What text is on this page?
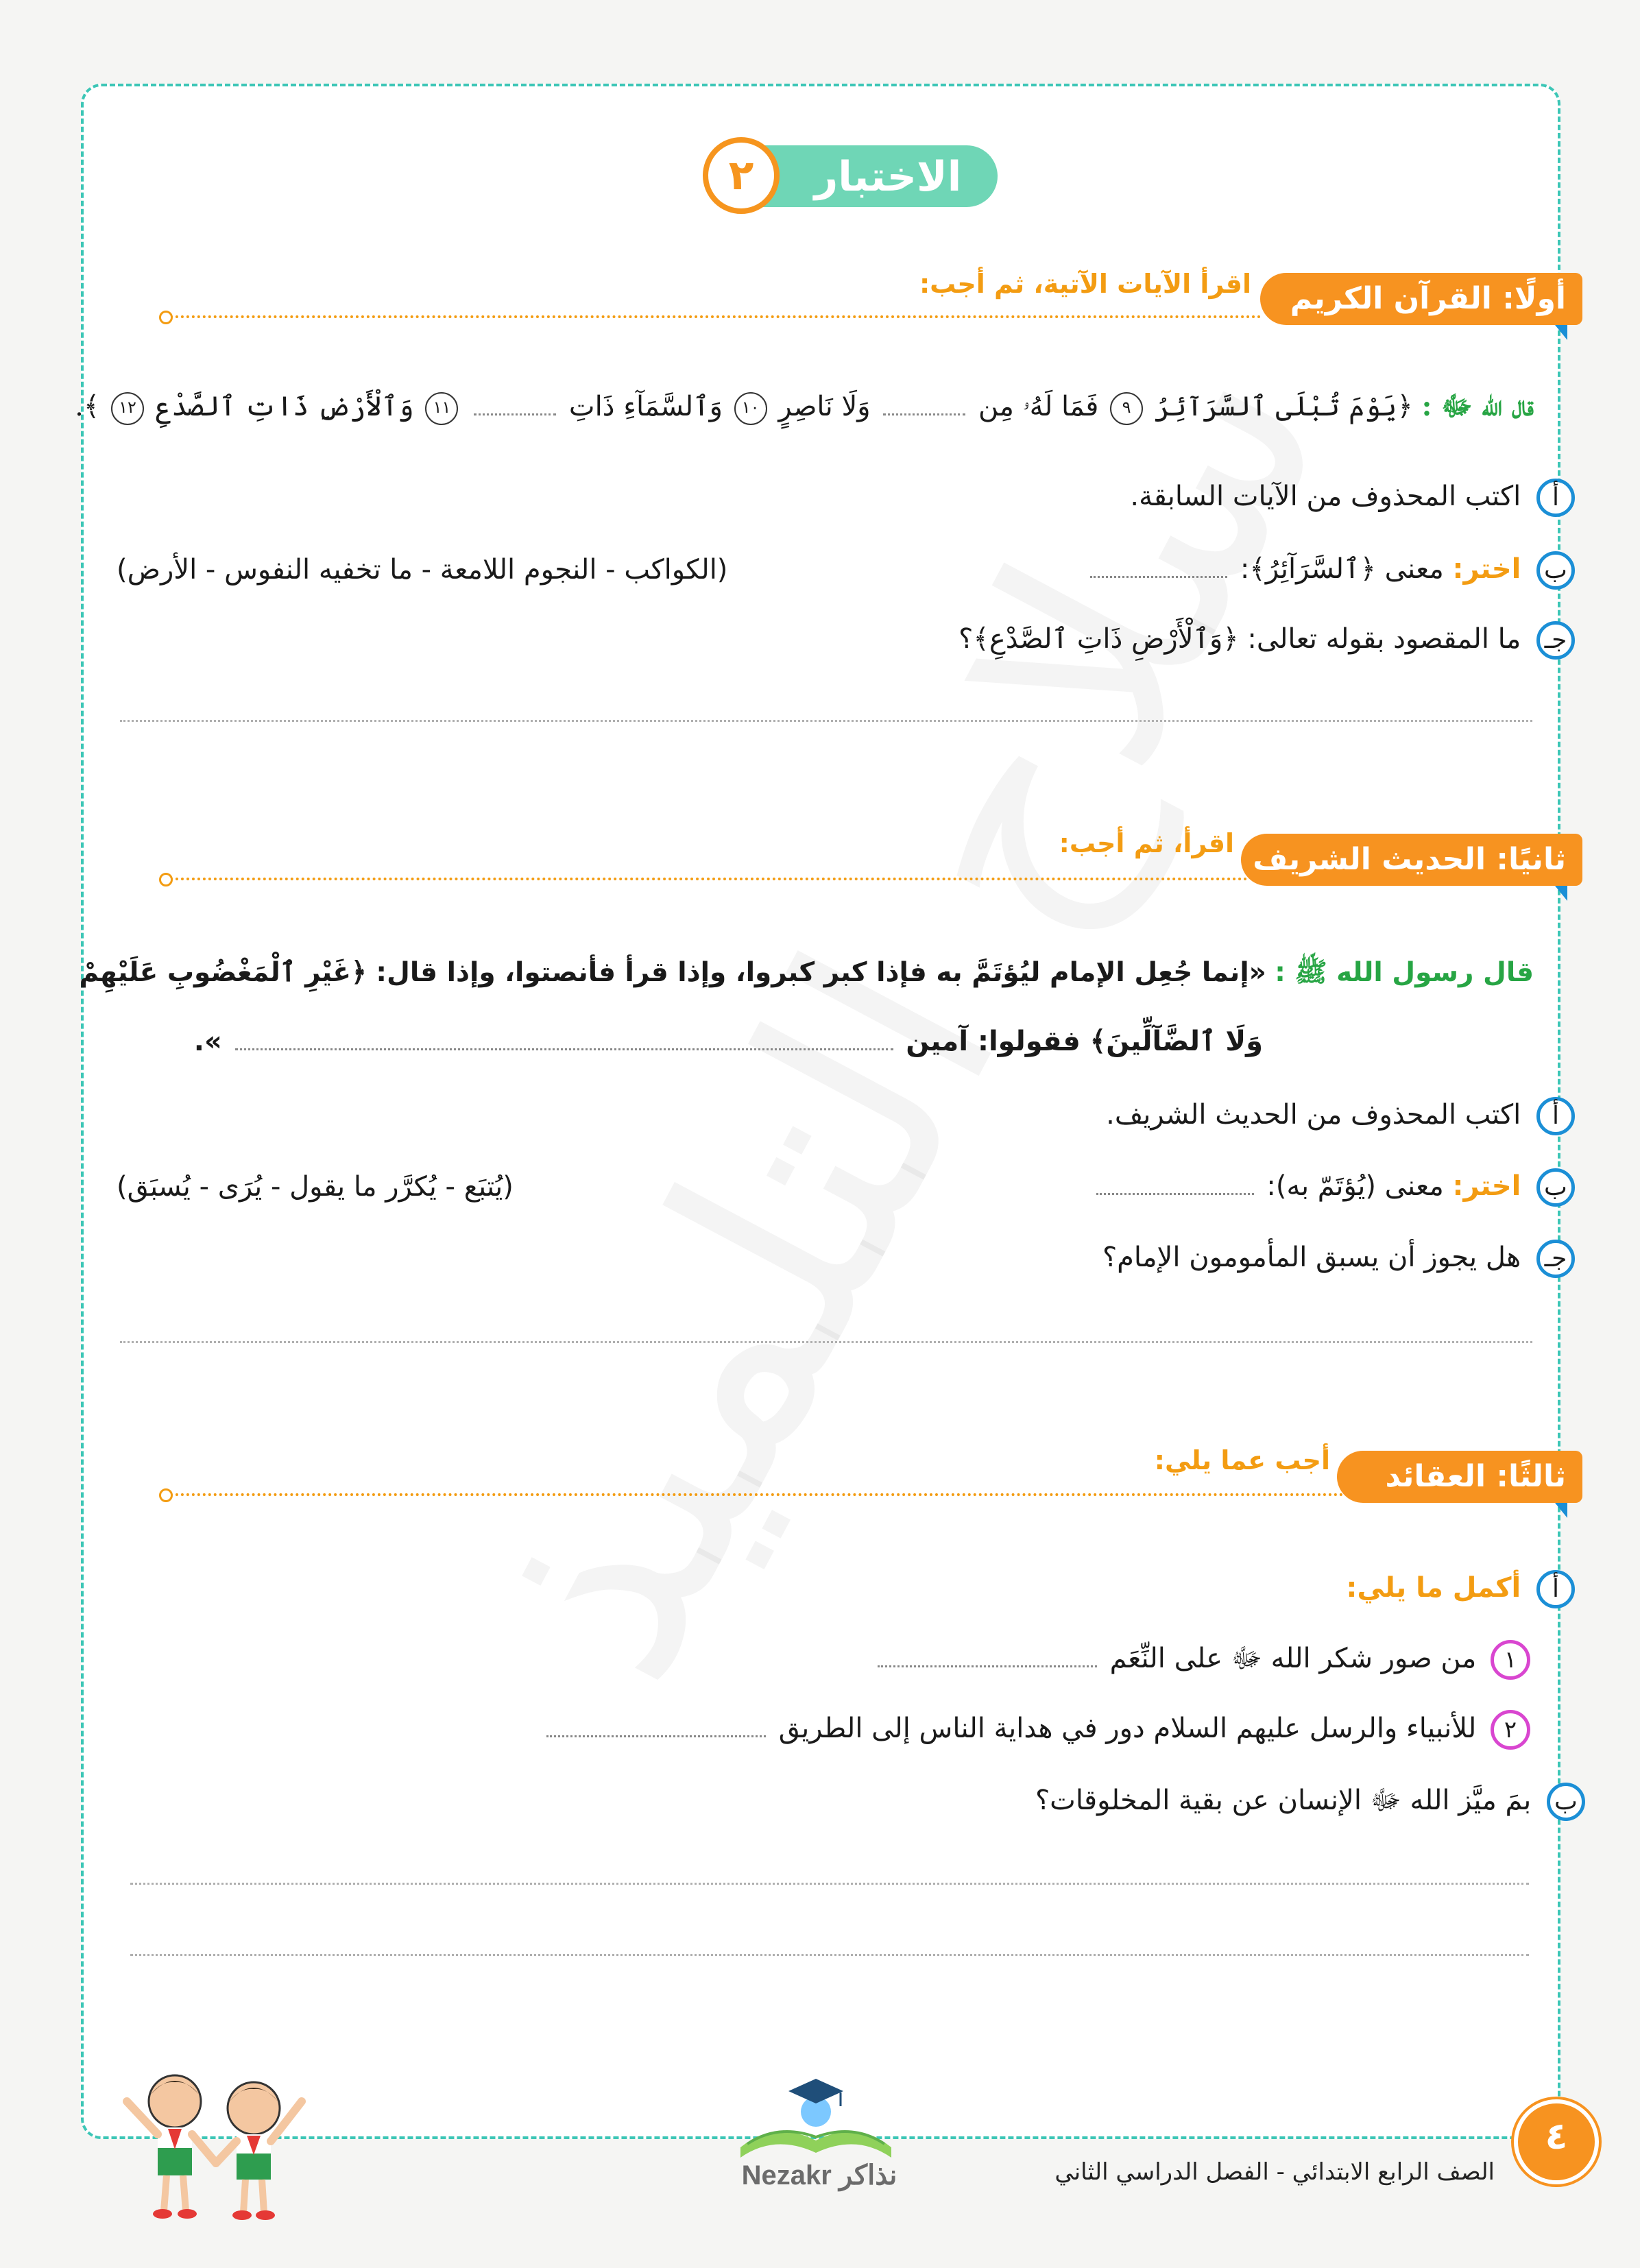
الاختبار
٢
أولًا: القرآن الكريم
اقرأ الآيات الآتية، ثم أجب:
قال الله ﷻ : ﴿يَوْمَ تُبْلَى ٱلسَّرَآئِرُ ٩ فَمَا لَهُۥ مِن  وَلَا نَاصِرٍ ١٠ وَٱلسَّمَآءِ ذَاتِ  ١١ وَٱلْأَرْضِ ذَاتِ ٱلصَّدْعِ ١٢ ﴾.
أ اكتب المحذوف من الآيات السابقة.
ب اختر: معنى ﴿ٱلسَّرَآئِرُ﴾:
(الكواكب - النجوم اللامعة - ما تخفيه النفوس - الأرض)
جـ ما المقصود بقوله تعالى: ﴿وَٱلْأَرْضِ ذَاتِ ٱلصَّدْعِ﴾؟
ثانيًا: الحديث الشريف
اقرأ، ثم أجب:
قال رسول الله ﷺ : «إنما جُعِل الإمام ليُؤتَمَّ به فإذا كبر كبروا، وإذا قرأ فأنصتوا، وإذا قال: ﴿غَيْرِ ٱلْمَغْضُوبِ عَلَيْهِمْ
وَلَا ٱلضَّآلِّينَ﴾ فقولوا: آمين  ».
أ اكتب المحذوف من الحديث الشريف.
ب اختر: معنى (يُؤتَمّ به):
(يُتبَع - يُكرَّر ما يقول - يُرَى - يُسبَق)
جـ هل يجوز أن يسبق المأمومون الإمام؟
ثالثًا: العقائد
أجب عما يلي:
أ أكمل ما يلي:
١ من صور شكر الله ﷻ على النِّعَم
٢ للأنبياء والرسل عليهم السلام دور في هداية الناس إلى الطريق
ب بمَ ميَّز الله ﷻ الإنسان عن بقية المخلوقات؟
Nezakr نذاكر	الصف الرابع الابتدائي - الفصل الدراسي الثاني
٤
